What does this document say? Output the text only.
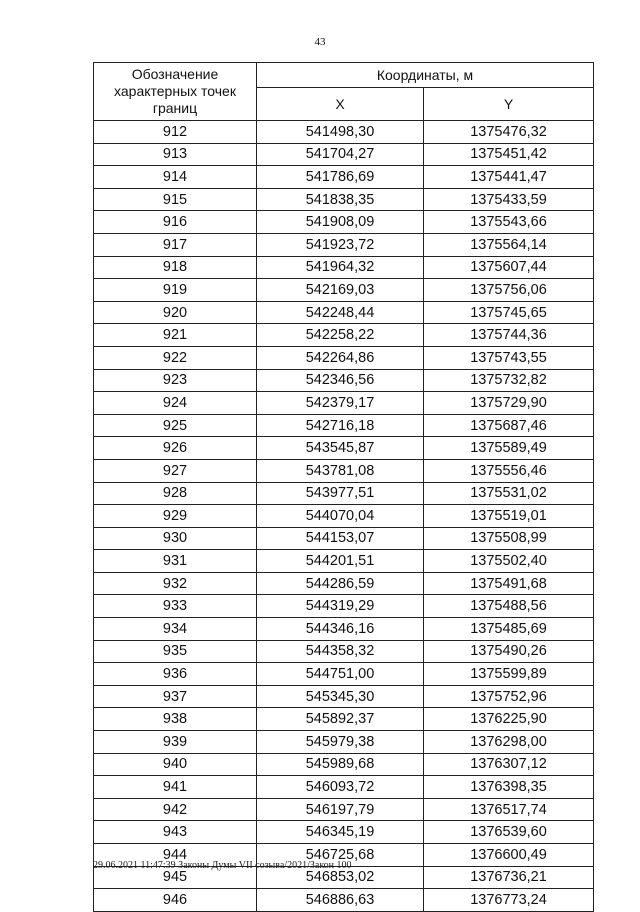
43
Обозначение характерных точек границ	Координаты, м	
	X	Y
912	541498,30	1375476,32
913	541704,27	1375451,42
914	541786,69	1375441,47
915	541838,35	1375433,59
916	541908,09	1375543,66
917	541923,72	1375564,14
918	541964,32	1375607,44
919	542169,03	1375756,06
920	542248,44	1375745,65
921	542258,22	1375744,36
922	542264,86	1375743,55
923	542346,56	1375732,82
924	542379,17	1375729,90
925	542716,18	1375687,46
926	543545,87	1375589,49
927	543781,08	1375556,46
928	543977,51	1375531,02
929	544070,04	1375519,01
930	544153,07	1375508,99
931	544201,51	1375502,40
932	544286,59	1375491,68
933	544319,29	1375488,56
934	544346,16	1375485,69
935	544358,32	1375490,26
936	544751,00	1375599,89
937	545345,30	1375752,96
938	545892,37	1376225,90
939	545979,38	1376298,00
940	545989,68	1376307,12
941	546093,72	1376398,35
942	546197,79	1376517,74
943	546345,19	1376539,60
944	546725,68	1376600,49
945	546853,02	1376736,21
946	546886,63	1376773,24
29.06.2021 11:47:39 Законы Думы VII созыва/2021/Закон 100
